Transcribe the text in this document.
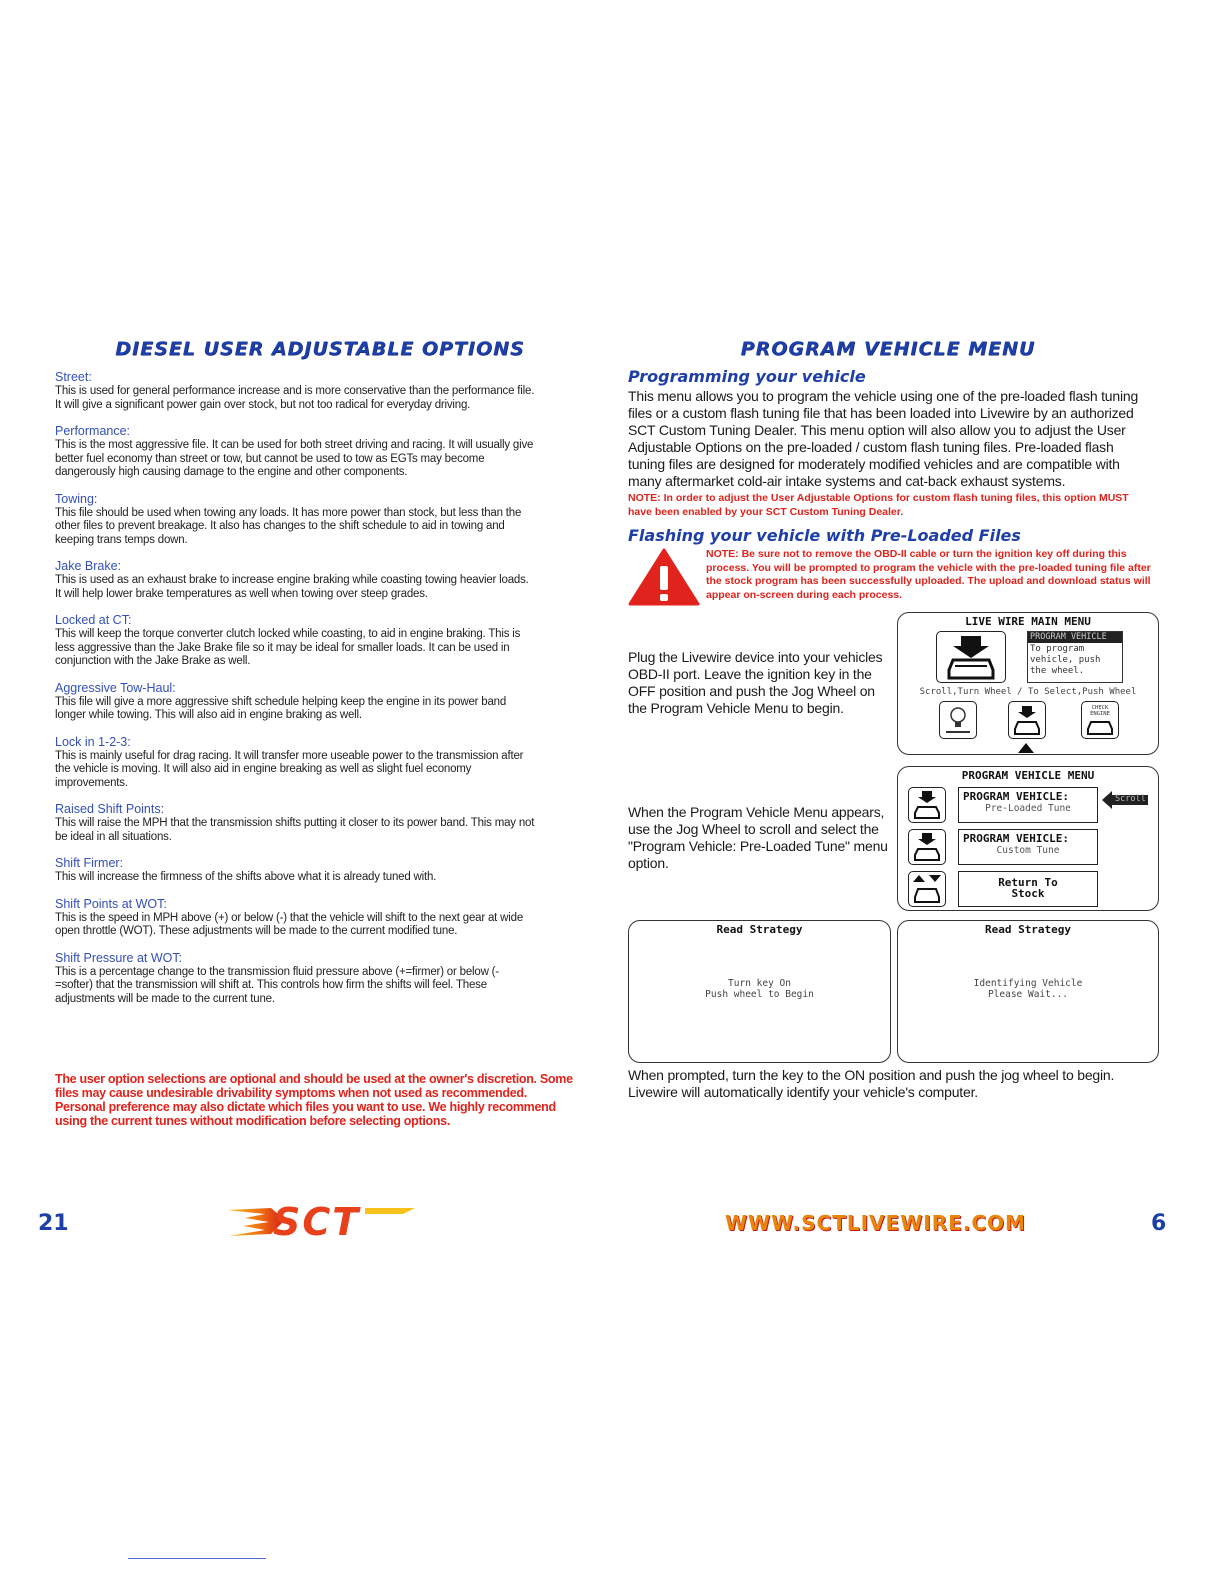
DIESEL USER ADJUSTABLE OPTIONS
Street:
This is used for general performance increase and is more conservative than the performance file. It will give a significant power gain over stock, but not too radical for everyday driving.
Performance:
This is the most aggressive file. It can be used for both street driving and racing. It will usually give better fuel economy than street or tow, but cannot be used to tow as EGTs may become dangerously high causing damage to the engine and other components.
Towing:
This file should be used when towing any loads. It has more power than stock, but less than the other files to prevent breakage. It also has changes to the shift schedule to aid in towing and keeping trans temps down.
Jake Brake:
This is used as an exhaust brake to increase engine braking while coasting towing heavier loads. It will help lower brake temperatures as well when towing over steep grades.
Locked at CT:
This will keep the torque converter clutch locked while coasting, to aid in engine braking. This is less aggressive than the Jake Brake file so it may be ideal for smaller loads. It can be used in conjunction with the Jake Brake as well.
Aggressive Tow-Haul:
This file will give a more aggressive shift schedule helping keep the engine in its power band longer while towing. This will also aid in engine braking as well.
Lock in 1-2-3:
This is mainly useful for drag racing. It will transfer more useable power to the transmission after the vehicle is moving. It will also aid in engine breaking as well as slight fuel economy improvements.
Raised Shift Points:
This will raise the MPH that the transmission shifts putting it closer to its power band. This may not be ideal in all situations.
Shift Firmer:
This will increase the firmness of the shifts above what it is already tuned with.
Shift Points at WOT:
This is the speed in MPH above (+) or below (-) that the vehicle will shift to the next gear at wide open throttle (WOT). These adjustments will be made to the current modified tune.
Shift Pressure at WOT:
This is a percentage change to the transmission fluid pressure above (+=firmer) or below (-=softer) that the transmission will shift at. This controls how firm the shifts will feel. These adjustments will be made to the current tune.
The user option selections are optional and should be used at the owner's discretion. Some files may cause undesirable drivability symptoms when not used as recommended. Personal preference may also dictate which files you want to use. We highly recommend using the current tunes without modification before selecting options.
21	SCT
PROGRAM VEHICLE MENU
Programming your vehicle
This menu allows you to program the vehicle using one of the pre-loaded flash tuning files or a custom flash tuning file that has been loaded into Livewire by an authorized SCT Custom Tuning Dealer. This menu option will also allow you to adjust the User Adjustable Options on the pre-loaded / custom flash tuning files. Pre-loaded flash tuning files are designed for moderately modified vehicles and are compatible with many aftermarket cold-air intake systems and cat-back exhaust systems.
NOTE: In order to adjust the User Adjustable Options for custom flash tuning files, this option MUST have been enabled by your SCT Custom Tuning Dealer.
Flashing your vehicle with Pre-Loaded Files
NOTE: Be sure not to remove the OBD-II cable or turn the ignition key off during this process. You will be prompted to program the vehicle with the pre-loaded tuning file after the stock program has been successfully uploaded. The upload and download status will appear on-screen during each process.
Plug the Livewire device into your vehicles OBD-II port. Leave the ignition key in the OFF position and push the Jog Wheel on the Program Vehicle Menu to begin.
LIVE WIRE MAIN MENU
PROGRAM VEHICLE
To program vehicle, push the wheel.
Scroll,Turn Wheel / To Select,Push Wheel
CHECK ENGINE
When the Program Vehicle Menu appears, use the Jog Wheel to scroll and select the "Program Vehicle: Pre-Loaded Tune" menu option.
PROGRAM VEHICLE MENU
PROGRAM VEHICLE:
Pre-Loaded Tune
Scroll
PROGRAM VEHICLE:
Custom Tune
Return To Stock
Read Strategy
Turn key On
Push wheel to Begin
Read Strategy
Identifying Vehicle
Please Wait...
When prompted, turn the key to the ON position and push the jog wheel to begin. Livewire will automatically identify your vehicle's computer.
WWW.SCTLIVEWIRE.COM	6
